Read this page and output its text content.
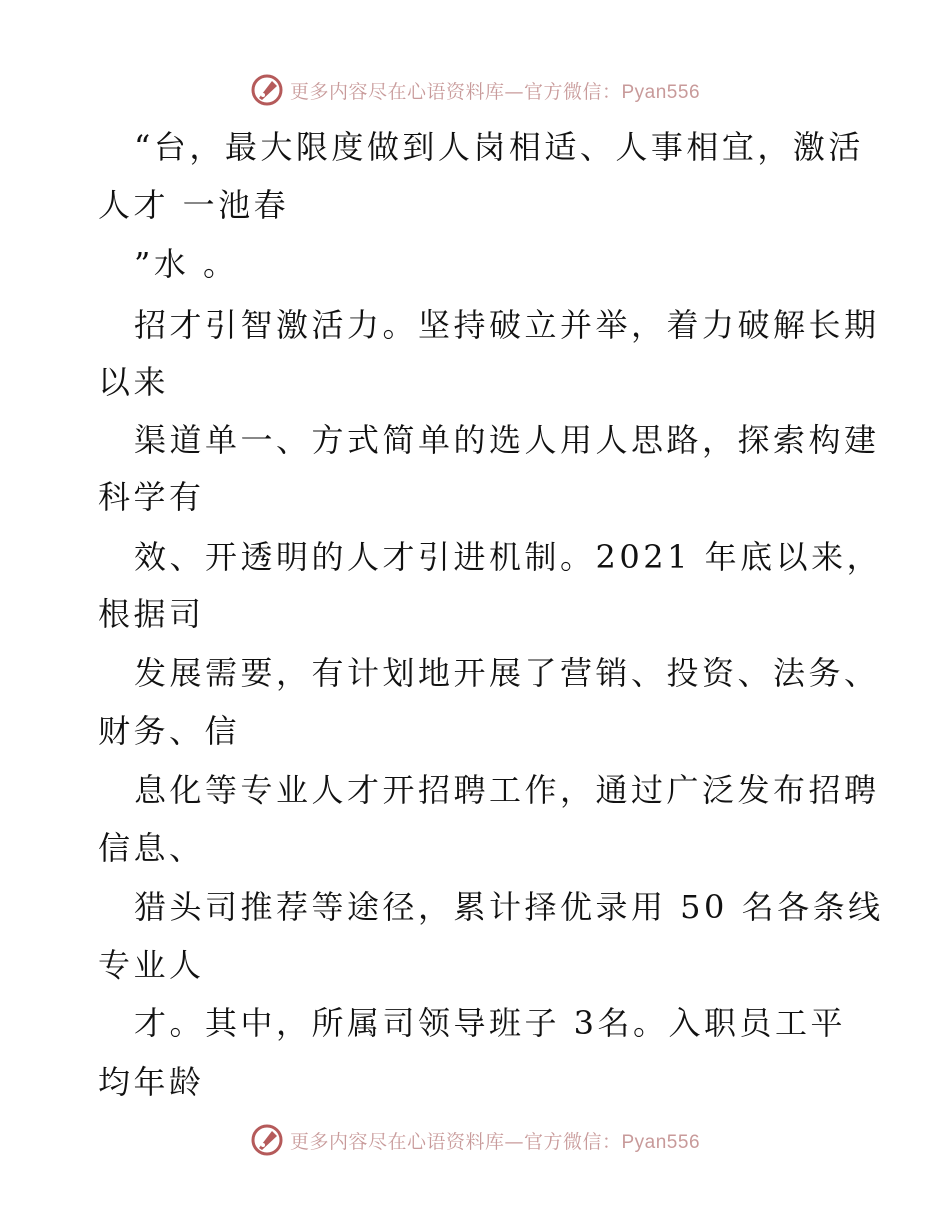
更多内容尽在心语资料库—官方微信：Pyan556
“台，最大限度做到人岗相适、人事相宜，激活
人才 一池春
”水 。
招才引智激活力。坚持破立并举，着力破解长期
以来
渠道单一、方式简单的选人用人思路，探索构建
科学有
效、开透明的人才引进机制。2021 年底以来，
根据司
发展需要，有计划地开展了营销、投资、法务、
财务、信
息化等专业人才开招聘工作，通过广泛发布招聘
信息、
猎头司推荐等途径，累计择优录用 50 名各条线
专业人
才。其中，所属司领导班子 3名。入职员工平
均年龄
更多内容尽在心语资料库—官方微信：Pyan556
